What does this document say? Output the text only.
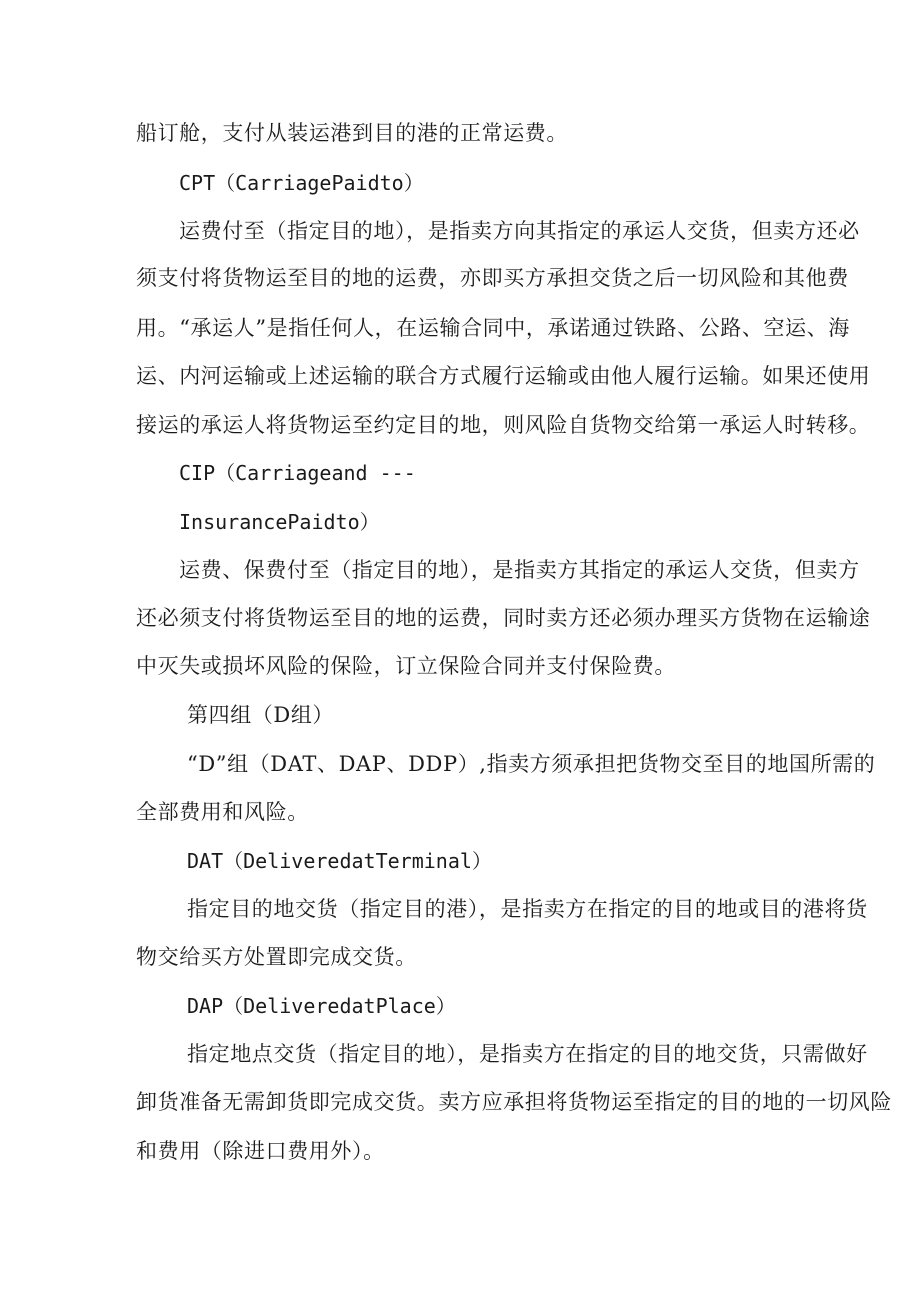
船订舱，支付从装运港到目的港的正常运费。

CPT（CarriagePaidto）

运费付至（指定目的地），是指卖方向其指定的承运人交货，但卖方还必

须支付将货物运至目的地的运费，亦即买方承担交货之后一切风险和其他费

用。“承运人”是指任何人，在运输合同中，承诺通过铁路、公路、空运、海

运、内河运输或上述运输的联合方式履行运输或由他人履行运输。如果还使用

接运的承运人将货物运至约定目的地，则风险自货物交给第一承运人时转移。

CIP（Carriageand ---

InsurancePaidto）

运费、保费付至（指定目的地），是指卖方其指定的承运人交货，但卖方

还必须支付将货物运至目的地的运费，同时卖方还必须办理买方货物在运输途

中灭失或损坏风险的保险，订立保险合同并支付保险费。

第四组（D组）

“D”组（DAT、DAP、DDP）,指卖方须承担把货物交至目的地国所需的

全部费用和风险。

DAT（DeliveredatTerminal）

指定目的地交货（指定目的港），是指卖方在指定的目的地或目的港将货

物交给买方处置即完成交货。

DAP（DeliveredatPlace）

指定地点交货（指定目的地），是指卖方在指定的目的地交货，只需做好

卸货准备无需卸货即完成交货。卖方应承担将货物运至指定的目的地的一切风险

和费用（除进口费用外）。
